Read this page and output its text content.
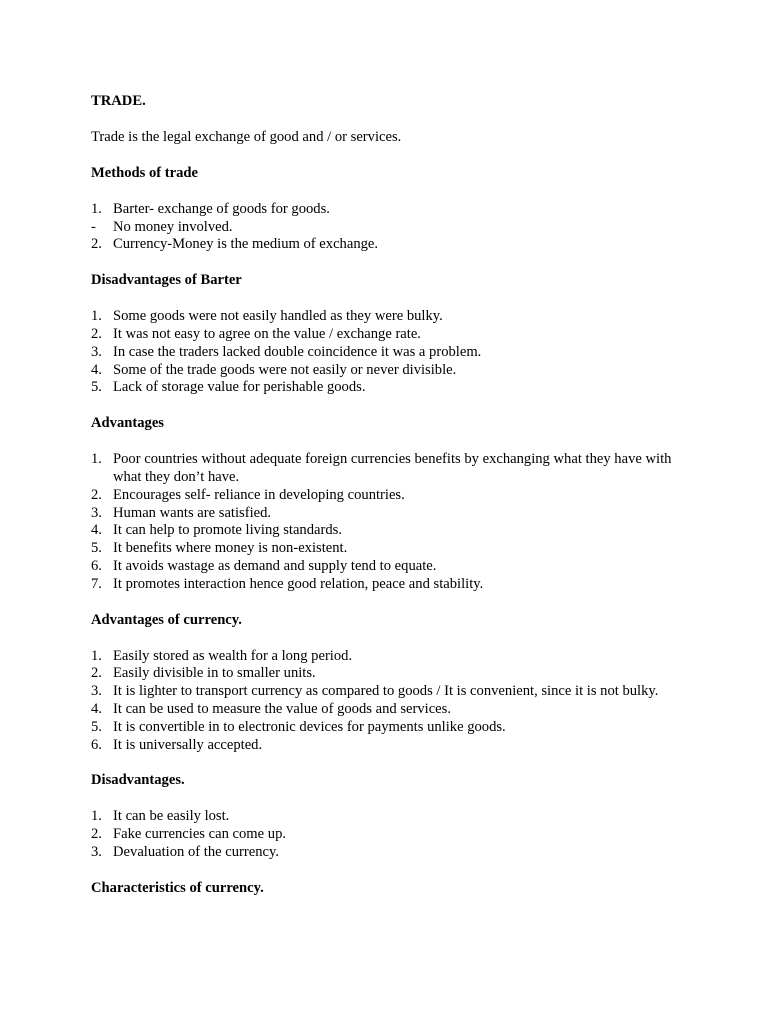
TRADE.

Trade is the legal exchange of good and / or services.

Methods of trade

1. Barter- exchange of goods for goods.
- No money involved.
2. Currency-Money is the medium of exchange.

Disadvantages of Barter

1. Some goods were not easily handled as they were bulky.
2. It was not easy to agree on the value / exchange rate.
3. In case the traders lacked double coincidence it was a problem.
4. Some of the trade goods were not easily or never divisible.
5. Lack of storage value for perishable goods.

Advantages

1. Poor countries without adequate foreign currencies benefits by exchanging what they have with what they don’t have.
2. Encourages self- reliance in developing countries.
3. Human wants are satisfied.
4. It can help to promote living standards.
5. It benefits where money is non-existent.
6. It avoids wastage as demand and supply tend to equate.
7. It promotes interaction hence good relation, peace and stability.

Advantages of currency.

1. Easily stored as wealth for a long period.
2. Easily divisible in to smaller units.
3. It is lighter to transport currency as compared to goods / It is convenient, since it is not bulky.
4. It can be used to measure the value of goods and services.
5. It is convertible in to electronic devices for payments unlike goods.
6. It is universally accepted.

Disadvantages.

1. It can be easily lost.
2. Fake currencies can come up.
3. Devaluation of the currency.

Characteristics of currency.
